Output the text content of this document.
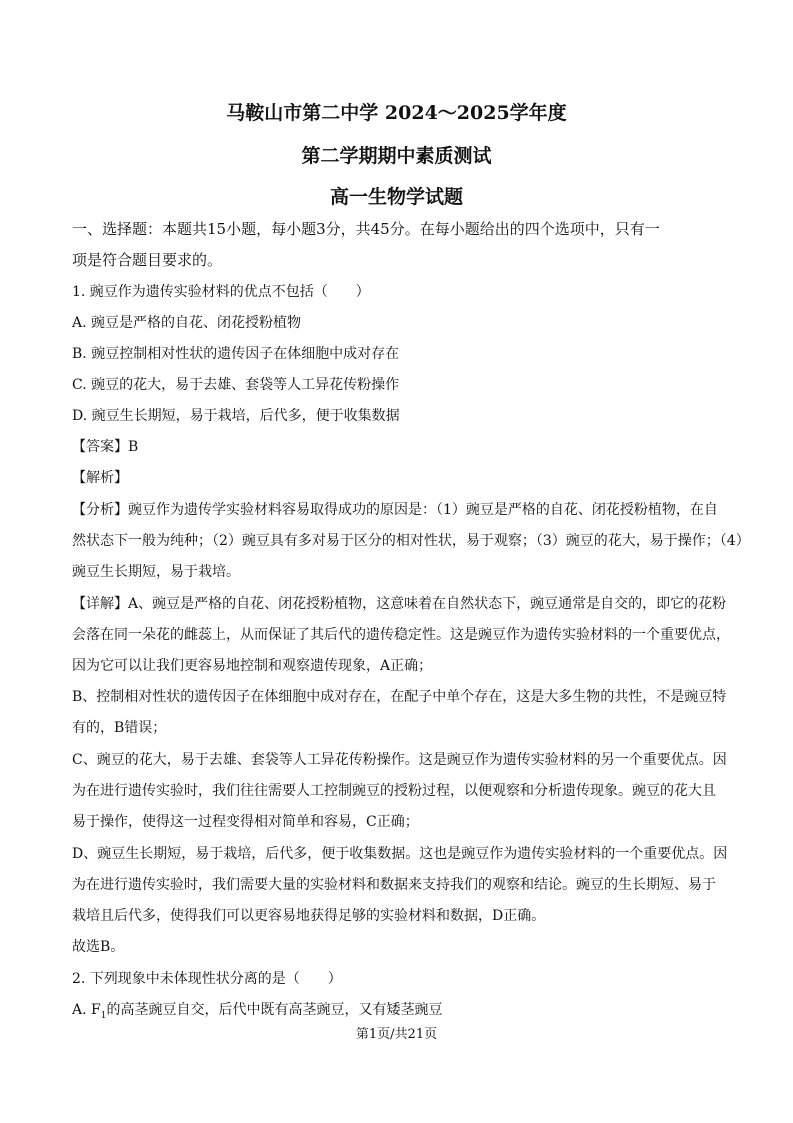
马鞍山市第二中学 2024～2025学年度
第二学期期中素质测试
高一生物学试题
一、选择题：本题共15小题，每小题3分，共45分。在每小题给出的四个选项中，只有一
项是符合题目要求的。
1. 豌豆作为遗传实验材料的优点不包括（　　）
A. 豌豆是严格的自花、闭花授粉植物
B. 豌豆控制相对性状的遗传因子在体细胞中成对存在
C. 豌豆的花大，易于去雄、套袋等人工异花传粉操作
D. 豌豆生长期短，易于栽培，后代多，便于收集数据
【答案】B
【解析】
【分析】豌豆作为遗传学实验材料容易取得成功的原因是：（1）豌豆是严格的自花、闭花授粉植物，在自
然状态下一般为纯种；（2）豌豆具有多对易于区分的相对性状，易于观察；（3）豌豆的花大，易于操作；（4）
豌豆生长期短，易于栽培。
【详解】A、豌豆是严格的自花、闭花授粉植物，这意味着在自然状态下，豌豆通常是自交的，即它的花粉
会落在同一朵花的雌蕊上，从而保证了其后代的遗传稳定性。这是豌豆作为遗传实验材料的一个重要优点，
因为它可以让我们更容易地控制和观察遗传现象，A正确；
B、控制相对性状的遗传因子在体细胞中成对存在，在配子中单个存在，这是大多生物的共性，不是豌豆特
有的，B错误；
C、豌豆的花大，易于去雄、套袋等人工异花传粉操作。这是豌豆作为遗传实验材料的另一个重要优点。因
为在进行遗传实验时，我们往往需要人工控制豌豆的授粉过程，以便观察和分析遗传现象。豌豆的花大且
易于操作，使得这一过程变得相对简单和容易，C正确；
D、豌豆生长期短，易于栽培，后代多，便于收集数据。这也是豌豆作为遗传实验材料的一个重要优点。因
为在进行遗传实验时，我们需要大量的实验材料和数据来支持我们的观察和结论。豌豆的生长期短、易于
栽培且后代多，使得我们可以更容易地获得足够的实验材料和数据，D正确。
故选B。
2. 下列现象中未体现性状分离的是（　　）
A. $F_1$的高茎豌豆自交，后代中既有高茎豌豆，又有矮茎豌豆
第1页/共21页
